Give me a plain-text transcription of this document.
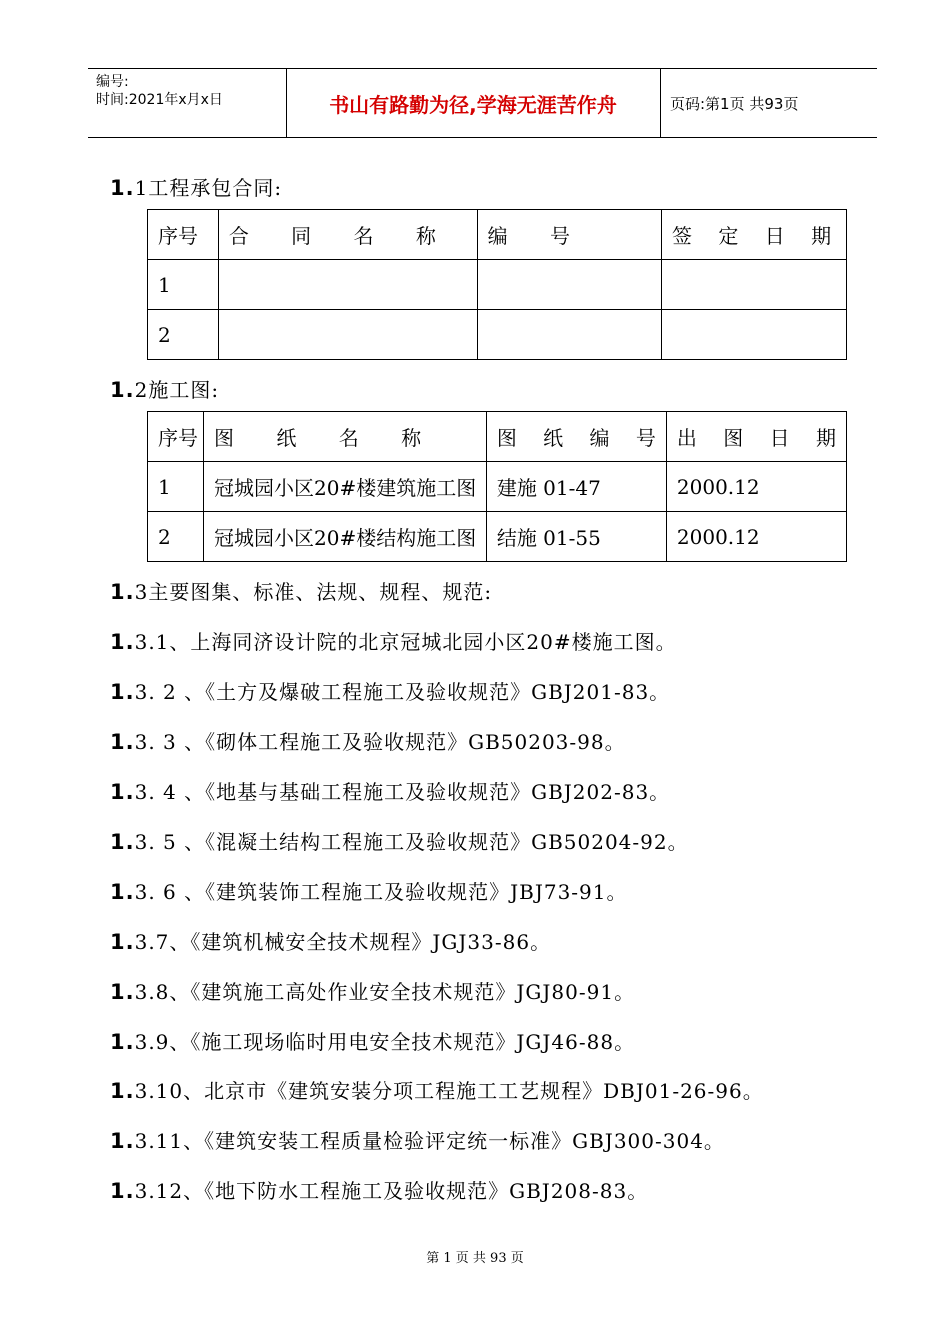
编号:
时间:2021年x月x日	书山有路勤为径,学海无涯苦作舟	页码:第1页 共93页
1.1工程承包合同:
序号	合 同 名 称	编 号	签 定 日 期
1			
2			
1.2施工图:
序号	图 纸 名 称	图 纸 编 号	出 图 日 期
1	冠城园小区20#楼建筑施工图	建施 01-47	2000.12
2	冠城园小区20#楼结构施工图	结施 01-55	2000.12
1.3主要图集、标准、法规、规程、规范:
1.3.1、上海同济设计院的北京冠城北园小区20#楼施工图。
1.3. 2 、《土方及爆破工程施工及验收规范》GBJ201-83。
1.3. 3 、《砌体工程施工及验收规范》GB50203-98。
1.3. 4 、《地基与基础工程施工及验收规范》GBJ202-83。
1.3. 5 、《混凝土结构工程施工及验收规范》GB50204-92。
1.3. 6 、《建筑装饰工程施工及验收规范》JBJ73-91。
1.3.7、《建筑机械安全技术规程》JGJ33-86。
1.3.8、《建筑施工高处作业安全技术规范》JGJ80-91。
1.3.9、《施工现场临时用电安全技术规范》JGJ46-88。
1.3.10、北京市《建筑安装分项工程施工工艺规程》DBJ01-26-96。
1.3.11、《建筑安装工程质量检验评定统一标准》GBJ300-304。
1.3.12、《地下防水工程施工及验收规范》GBJ208-83。
第 1 页 共 93 页
